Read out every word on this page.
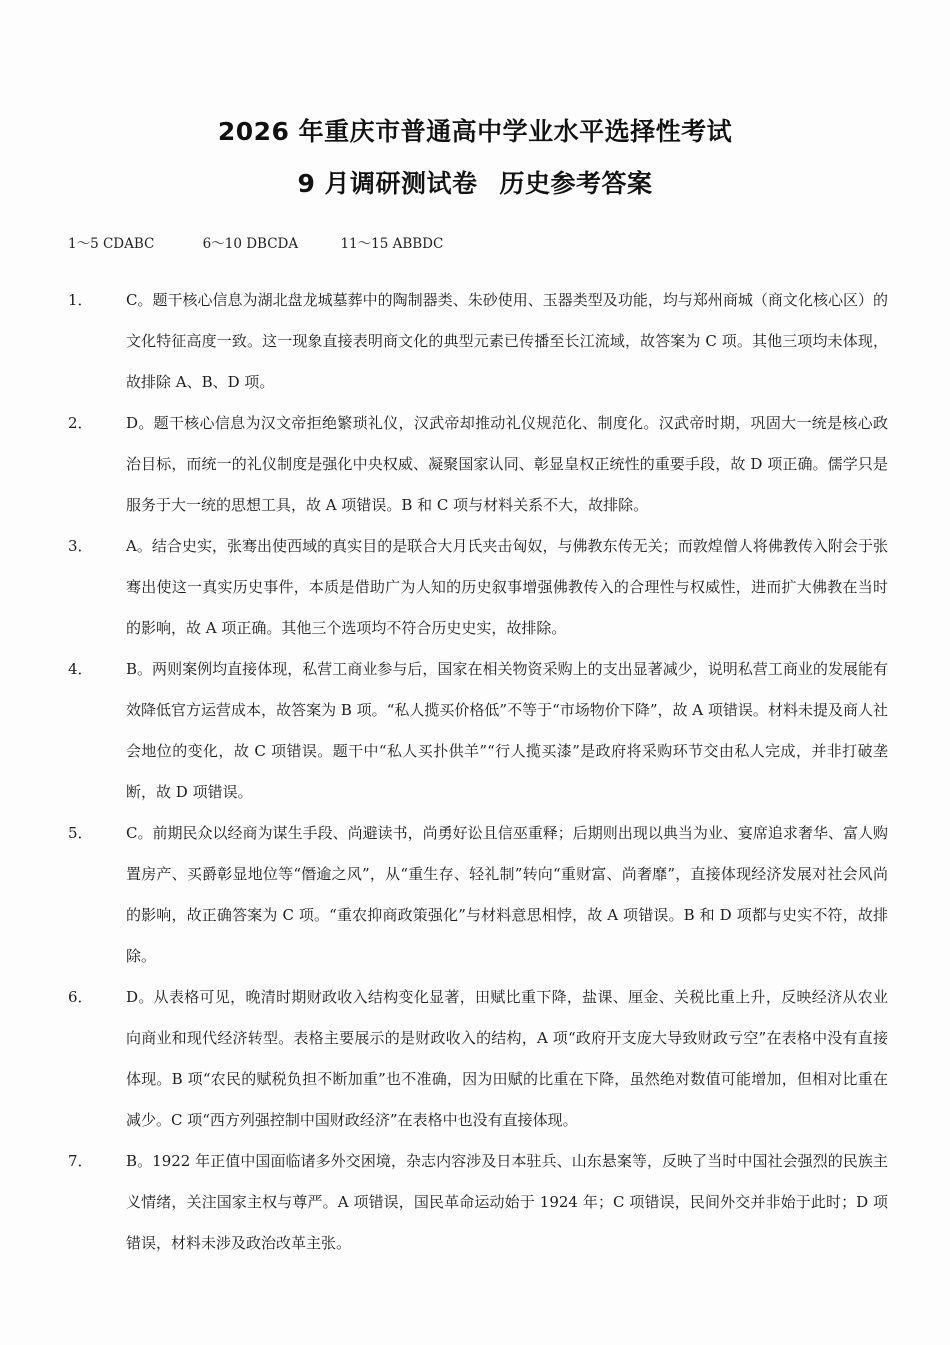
2026 年重庆市普通高中学业水平选择性考试
9 月调研测试卷 历史参考答案
1～5 CDABC	6～10 DBCDA	11～15 ABBDC
1．	C。题干核心信息为湖北盘龙城墓葬中的陶制器类、朱砂使用、玉器类型及功能，均与郑州商城（商文化核心区）的文化特征高度一致。这一现象直接表明商文化的典型元素已传播至长江流域，故答案为 C 项。其他三项均未体现，故排除 A、B、D 项。
2．	D。题干核心信息为汉文帝拒绝繁琐礼仪，汉武帝却推动礼仪规范化、制度化。汉武帝时期，巩固大一统是核心政治目标，而统一的礼仪制度是强化中央权威、凝聚国家认同、彰显皇权正统性的重要手段，故 D 项正确。儒学只是服务于大一统的思想工具，故 A 项错误。B 和 C 项与材料关系不大，故排除。
3．	A。结合史实，张骞出使西域的真实目的是联合大月氏夹击匈奴，与佛教东传无关；而敦煌僧人将佛教传入附会于张骞出使这一真实历史事件，本质是借助广为人知的历史叙事增强佛教传入的合理性与权威性，进而扩大佛教在当时的影响，故 A 项正确。其他三个选项均不符合历史史实，故排除。
4．	B。两则案例均直接体现，私营工商业参与后，国家在相关物资采购上的支出显著减少，说明私营工商业的发展能有效降低官方运营成本，故答案为 B 项。“私人揽买价格低”不等于“市场物价下降”，故 A 项错误。材料未提及商人社会地位的变化，故 C 项错误。题干中“私人买扑供羊”“行人揽买漆”是政府将采购环节交由私人完成，并非打破垄断，故 D 项错误。
5．	C。前期民众以经商为谋生手段、尚避读书，尚勇好讼且信巫重释；后期则出现以典当为业、宴席追求奢华、富人购置房产、买爵彰显地位等“僭逾之风”，从“重生存、轻礼制”转向“重财富、尚奢靡”，直接体现经济发展对社会风尚的影响，故正确答案为 C 项。“重农抑商政策强化”与材料意思相悖，故 A 项错误。B 和 D 项都与史实不符，故排除。
6．	D。从表格可见，晚清时期财政收入结构变化显著，田赋比重下降，盐课、厘金、关税比重上升，反映经济从农业向商业和现代经济转型。表格主要展示的是财政收入的结构，A 项“政府开支庞大导致财政亏空”在表格中没有直接体现。B 项“农民的赋税负担不断加重”也不准确，因为田赋的比重在下降，虽然绝对数值可能增加，但相对比重在减少。C 项“西方列强控制中国财政经济”在表格中也没有直接体现。
7．	B。1922 年正值中国面临诸多外交困境，杂志内容涉及日本驻兵、山东悬案等，反映了当时中国社会强烈的民族主义情绪，关注国家主权与尊严。A 项错误，国民革命运动始于 1924 年；C 项错误，民间外交并非始于此时；D 项错误，材料未涉及政治改革主张。
